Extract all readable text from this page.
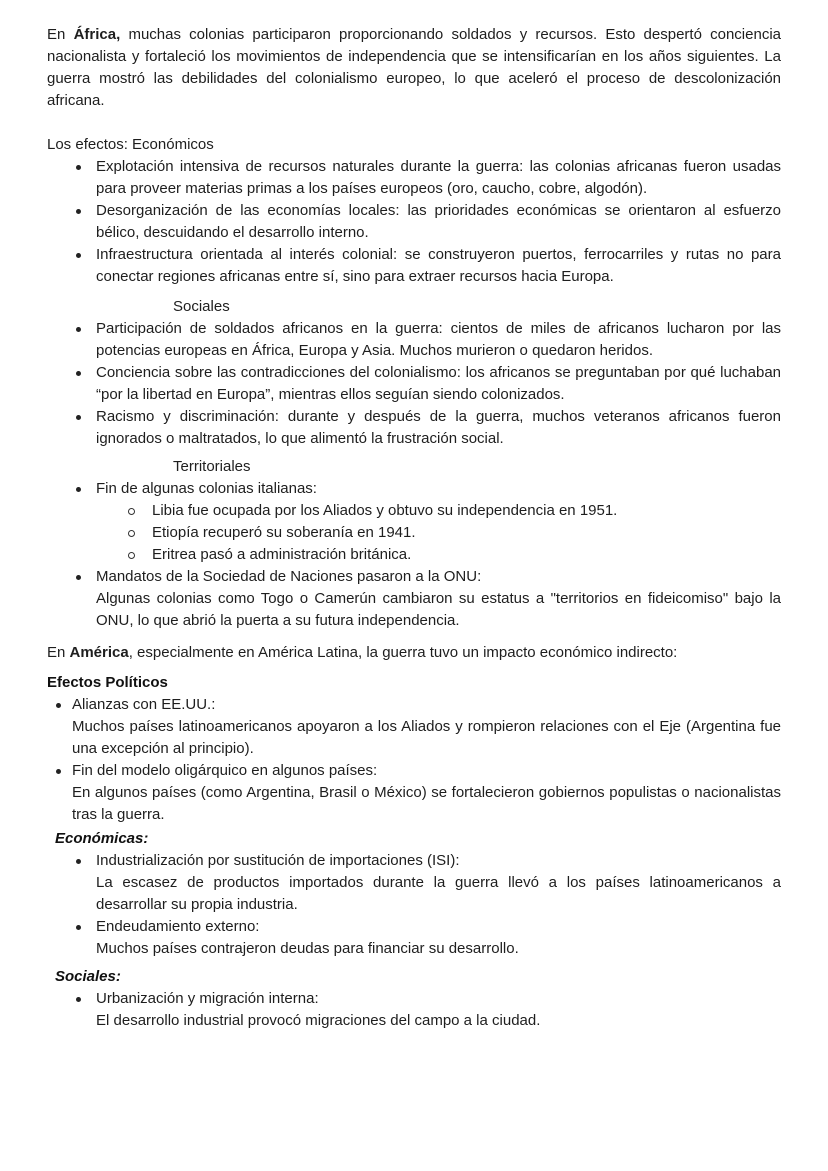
En África, muchas colonias participaron proporcionando soldados y recursos. Esto despertó conciencia nacionalista y fortaleció los movimientos de independencia que se intensificarían en los años siguientes. La guerra mostró las debilidades del colonialismo europeo, lo que aceleró el proceso de descolonización africana.

Los efectos: Económicos

Explotación intensiva de recursos naturales durante la guerra: las colonias africanas fueron usadas para proveer materias primas a los países europeos (oro, caucho, cobre, algodón).
Desorganización de las economías locales: las prioridades económicas se orientaron al esfuerzo bélico, descuidando el desarrollo interno.
Infraestructura orientada al interés colonial: se construyeron puertos, ferrocarriles y rutas no para conectar regiones africanas entre sí, sino para extraer recursos hacia Europa.

Sociales

Participación de soldados africanos en la guerra: cientos de miles de africanos lucharon por las potencias europeas en África, Europa y Asia. Muchos murieron o quedaron heridos.
Conciencia sobre las contradicciones del colonialismo: los africanos se preguntaban por qué luchaban “por la libertad en Europa”, mientras ellos seguían siendo colonizados.
Racismo y discriminación: durante y después de la guerra, muchos veteranos africanos fueron ignorados o maltratados, lo que alimentó la frustración social.

Territoriales

Fin de algunas colonias italianas:
Libia fue ocupada por los Aliados y obtuvo su independencia en 1951.
Etiopía recuperó su soberanía en 1941.
Eritrea pasó a administración británica.
Mandatos de la Sociedad de Naciones pasaron a la ONU:
Algunas colonias como Togo o Camerún cambiaron su estatus a "territorios en fideicomiso" bajo la ONU, lo que abrió la puerta a su futura independencia.

En América, especialmente en América Latina, la guerra tuvo un impacto económico indirecto:

Efectos Políticos

Alianzas con EE.UU.:
Muchos países latinoamericanos apoyaron a los Aliados y rompieron relaciones con el Eje (Argentina fue una excepción al principio).
Fin del modelo oligárquico en algunos países:
En algunos países (como Argentina, Brasil o México) se fortalecieron gobiernos populistas o nacionalistas tras la guerra.

Económicas:

Industrialización por sustitución de importaciones (ISI):
La escasez de productos importados durante la guerra llevó a los países latinoamericanos a desarrollar su propia industria.
Endeudamiento externo:
Muchos países contrajeron deudas para financiar su desarrollo.

Sociales:

Urbanización y migración interna:
El desarrollo industrial provocó migraciones del campo a la ciudad.
